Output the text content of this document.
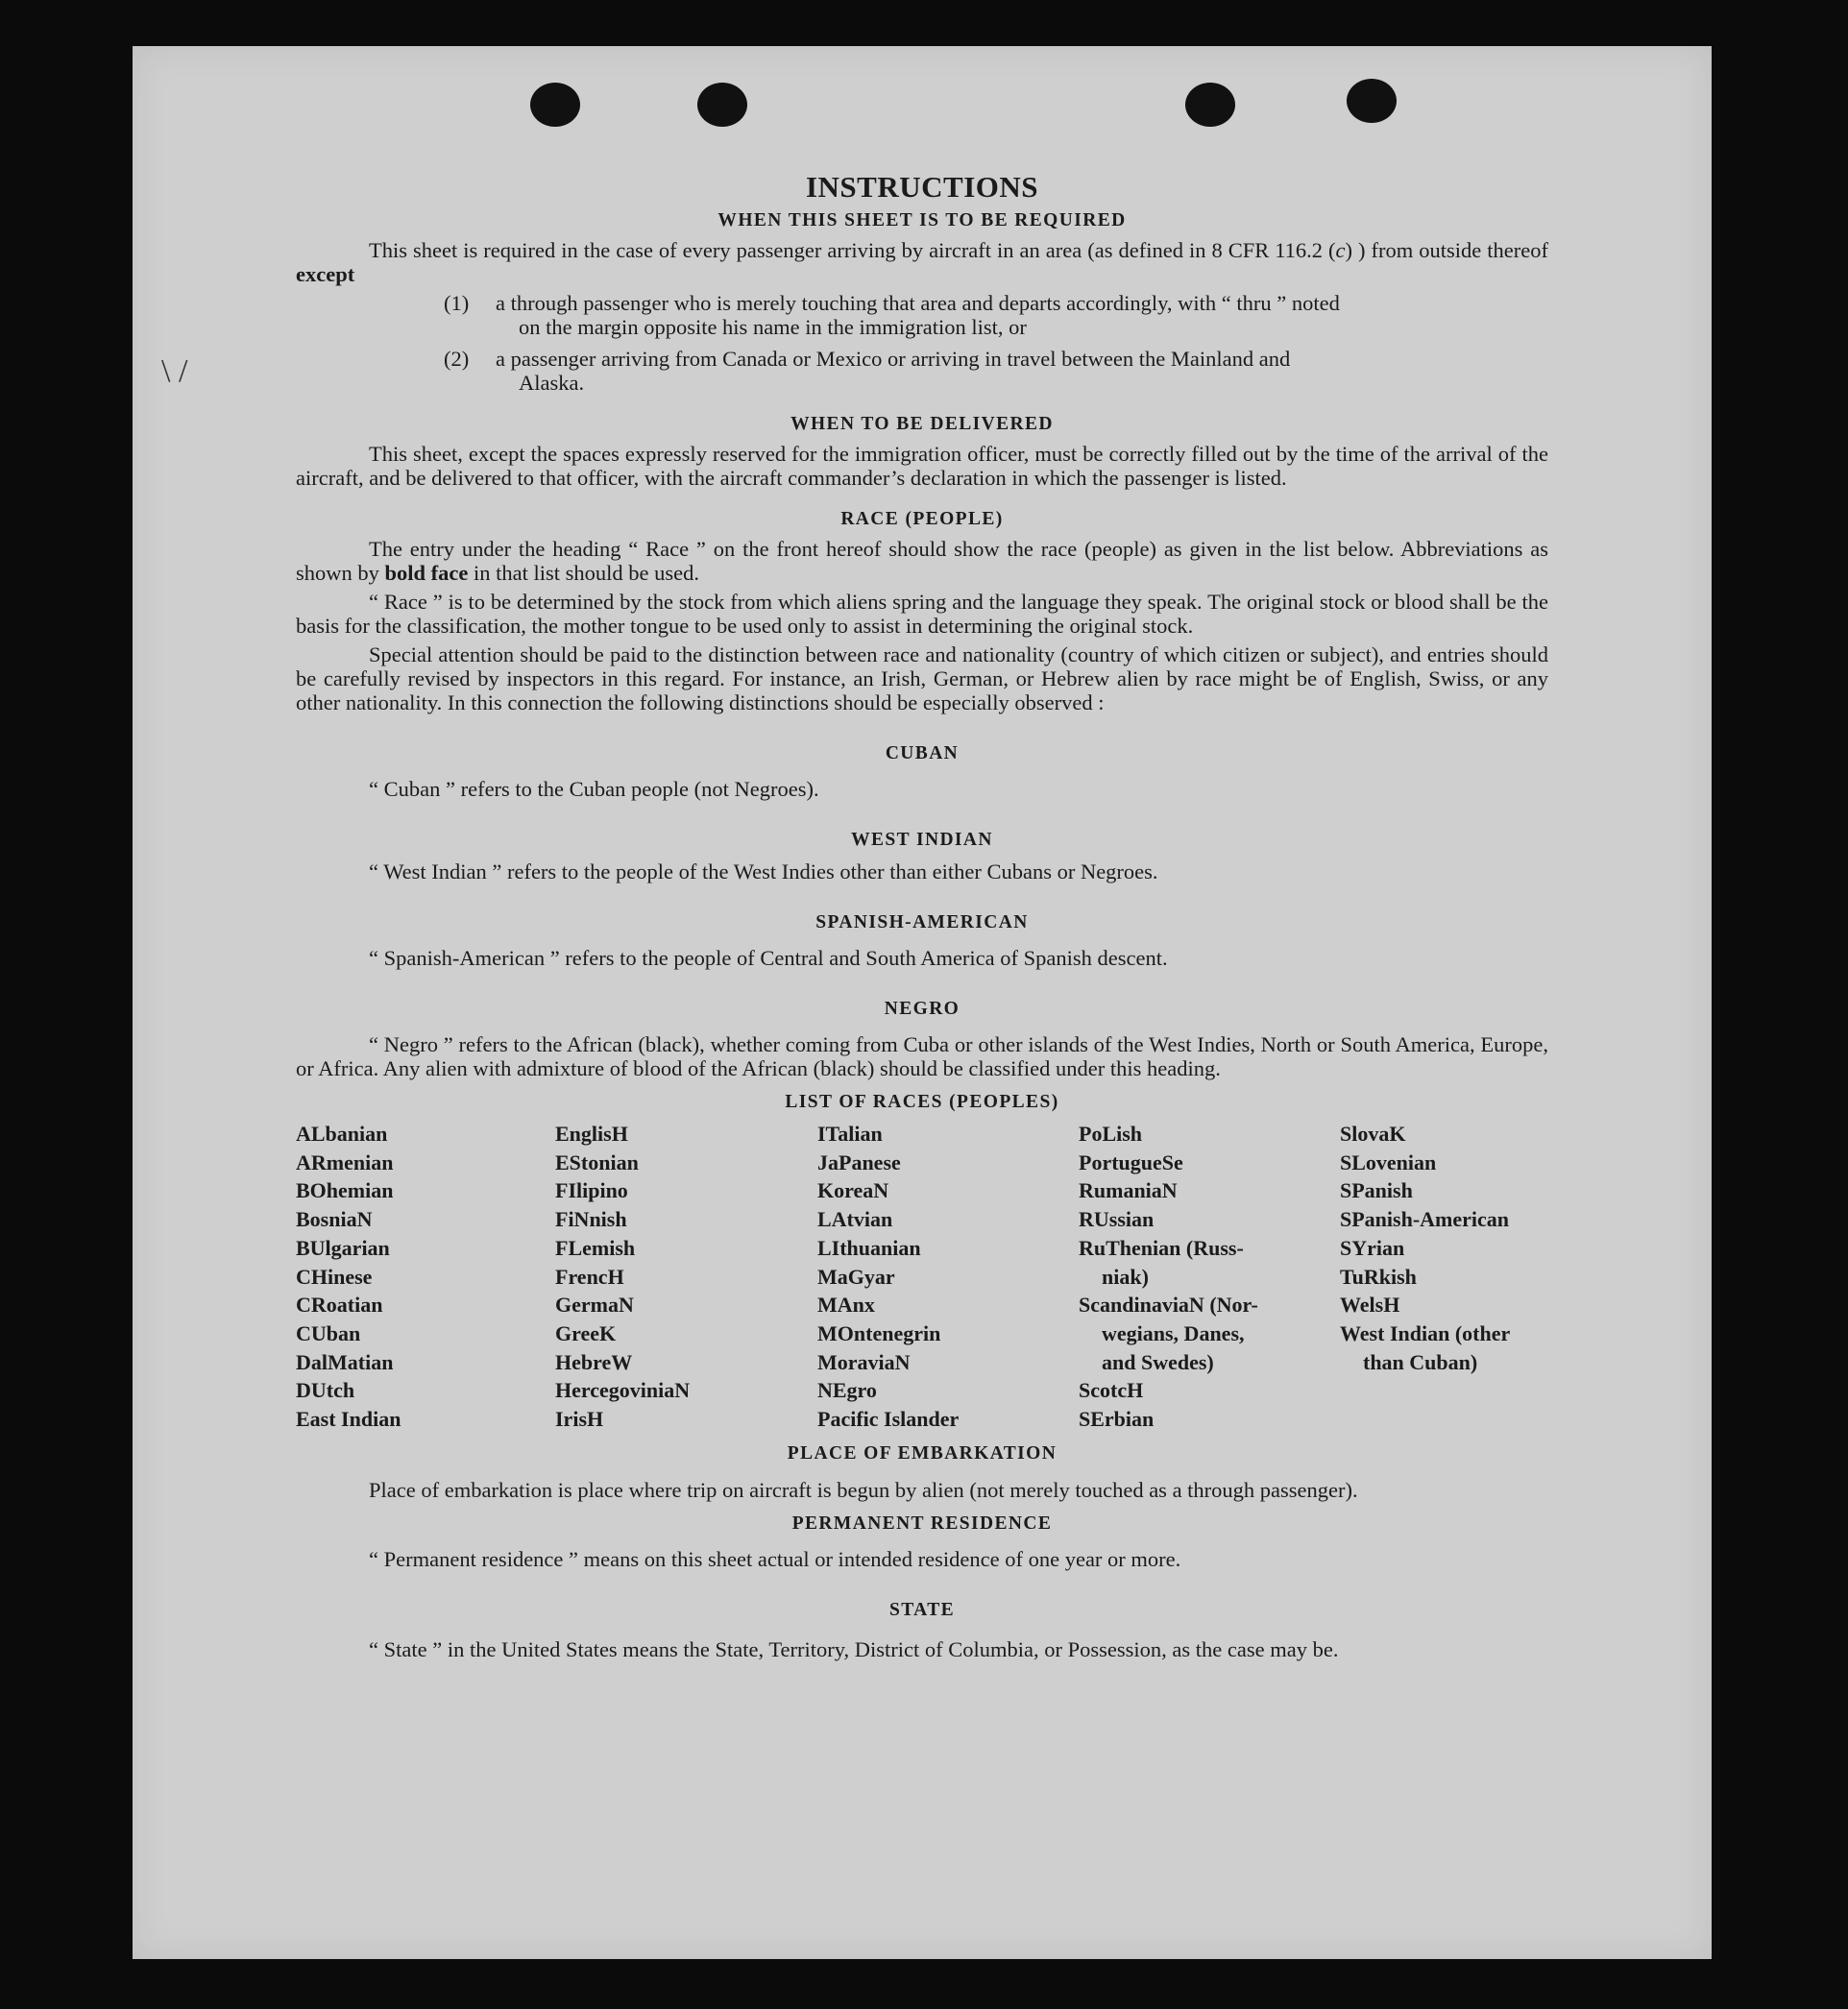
\ /
INSTRUCTIONS
WHEN THIS SHEET IS TO BE REQUIRED

This sheet is required in the case of every passenger arriving by aircraft in an area (as defined in 8 CFR 116.2 (c) ) from outside thereof except

(1)	a through passenger who is merely touching that area and departs accordingly, with “ thru ” noted
on the margin opposite his name in the immigration list, or
(2)	a passenger arriving from Canada or Mexico or arriving in travel between the Mainland and
Alaska.
WHEN TO BE DELIVERED

This sheet, except the spaces expressly reserved for the immigration officer, must be correctly filled out by the time of the arrival of the aircraft, and be delivered to that officer, with the aircraft commander’s declaration in which the passenger is listed.

RACE (PEOPLE)

The entry under the heading “ Race ” on the front hereof should show the race (people) as given in the list below. Abbreviations as shown by bold face in that list should be used.

“ Race ” is to be determined by the stock from which aliens spring and the language they speak. The original stock or blood shall be the basis for the classification, the mother tongue to be used only to assist in determining the original stock.

Special attention should be paid to the distinction between race and nationality (country of which citizen or subject), and entries should be carefully revised by inspectors in this regard. For instance, an Irish, German, or Hebrew alien by race might be of English, Swiss, or any other nationality. In this connection the following distinctions should be especially observed :

CUBAN

“ Cuban ” refers to the Cuban people (not Negroes).

WEST INDIAN

“ West Indian ” refers to the people of the West Indies other than either Cubans or Negroes.

SPANISH-AMERICAN

“ Spanish-American ” refers to the people of Central and South America of Spanish descent.

NEGRO

“ Negro ” refers to the African (black), whether coming from Cuba or other islands of the West Indies, North or South America, Europe, or Africa. Any alien with admixture of blood of the African (black) should be classified under this heading.

LIST OF RACES (PEOPLES)
ALbanian
ARmenian
BOhemian
BosniaN
BUlgarian
CHinese
CRoatian
CUban
DalMatian
DUtch
East Indian
EnglisH
EStonian
FIlipino
FiNnish
FLemish
FrencH
GermaN
GreeK
HebreW
HercegoviniaN
IrisH
ITalian
JaPanese
KoreaN
LAtvian
LIthuanian
MaGyar
MAnx
MOntenegrin
MoraviaN
NEgro
Pacific Islander
PoLish
PortugueSe
RumaniaN
RUssian
RuThenian (Russ-
niak)
ScandinaviaN (Nor-
wegians, Danes,
and Swedes)
ScotcH
SErbian
SlovaK
SLovenian
SPanish
SPanish-American
SYrian
TuRkish
WelsH
West Indian (other
than Cuban)
PLACE OF EMBARKATION

Place of embarkation is place where trip on aircraft is begun by alien (not merely touched as a through passenger).

PERMANENT RESIDENCE

“ Permanent residence ” means on this sheet actual or intended residence of one year or more.

STATE

“ State ” in the United States means the State, Territory, District of Columbia, or Possession, as the case may be.
